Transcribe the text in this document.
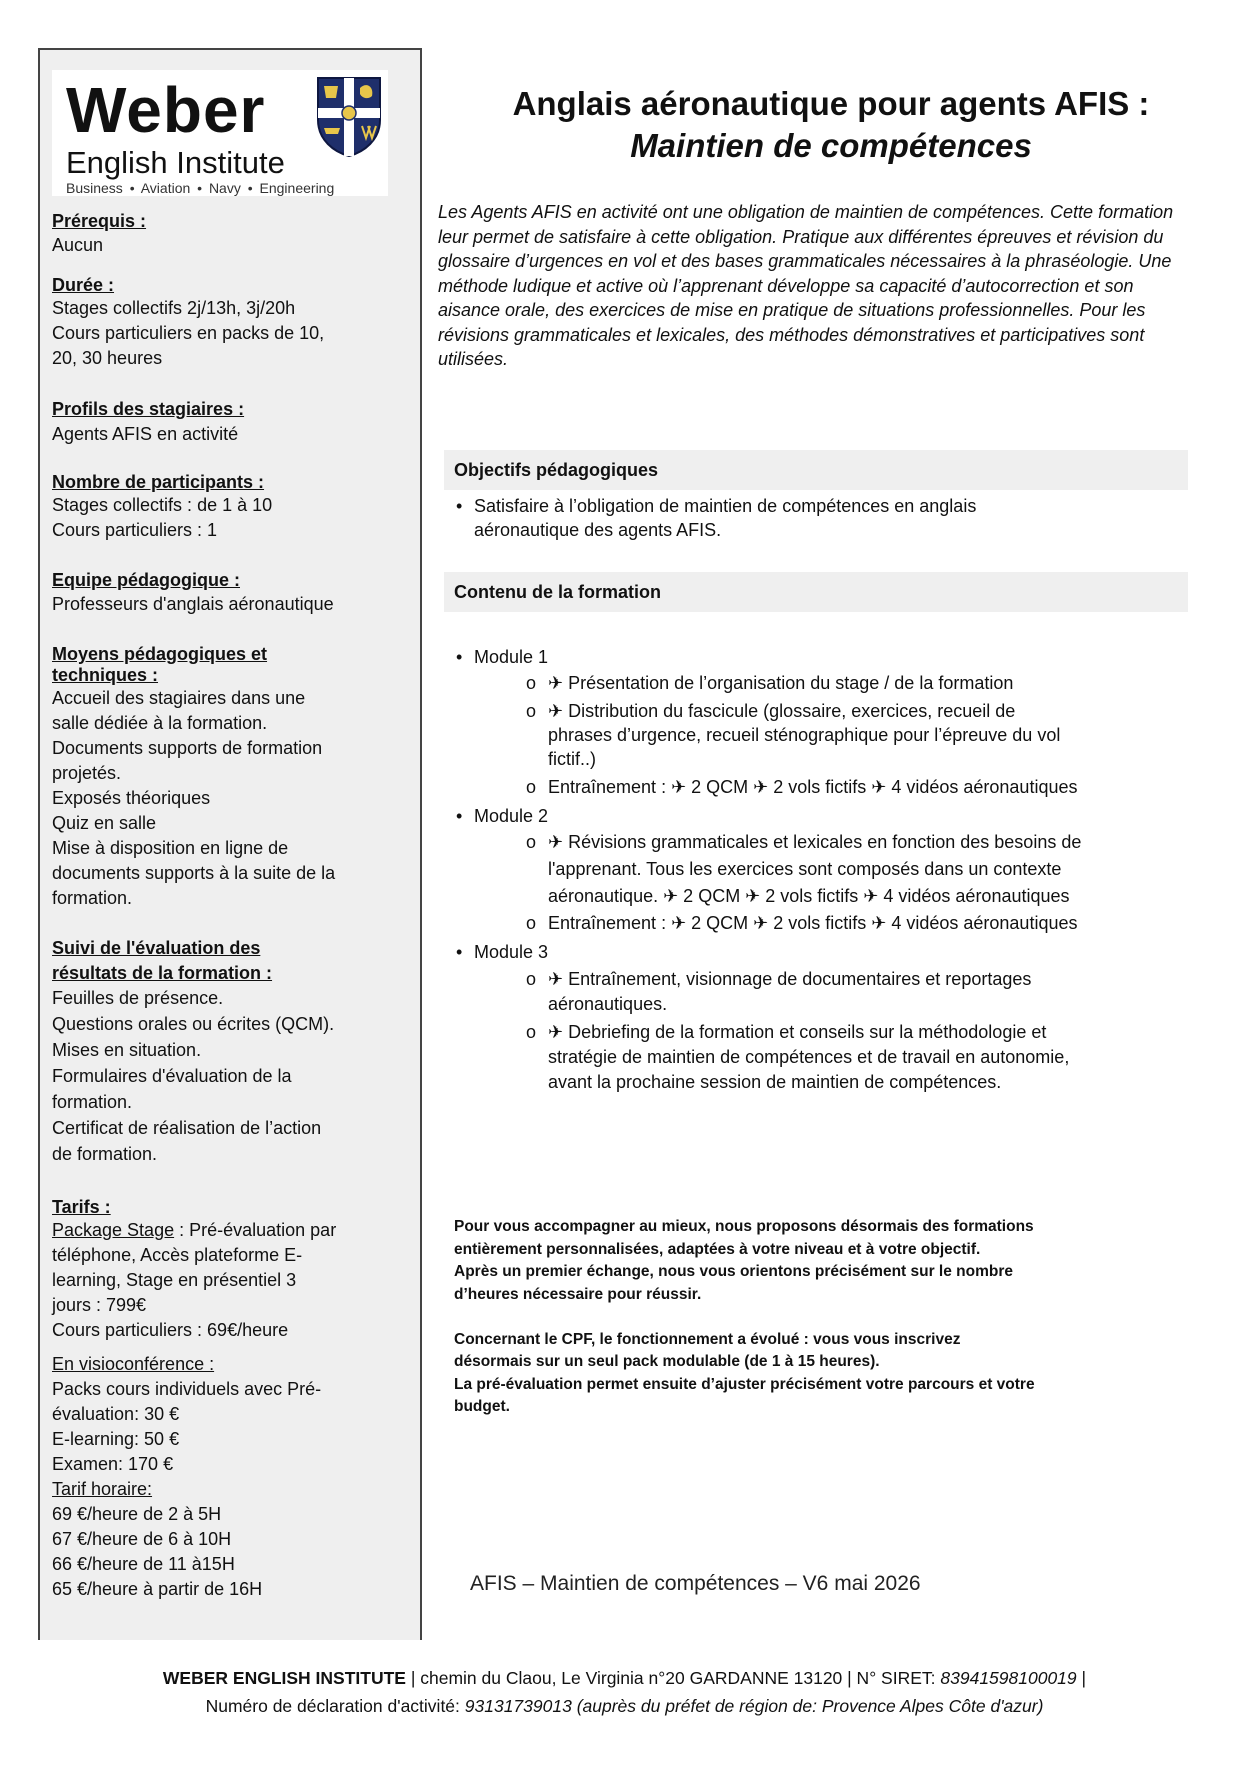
Weber
English Institute
Business • Aviation • Navy • Engineering
Prérequis :
Aucun
Durée :
Stages collectifs 2j/13h, 3j/20h
Cours particuliers en packs de 10,
20, 30 heures
Profils des stagiaires :
Agents AFIS en activité
Nombre de participants :
Stages collectifs : de 1 à 10
Cours particuliers : 1
Equipe pédagogique :
Professeurs d'anglais aéronautique
Moyens pédagogiques et
techniques :
Accueil des stagiaires dans une
salle dédiée à la formation.
Documents supports de formation
projetés.
Exposés théoriques
Quiz en salle
Mise à disposition en ligne de
documents supports à la suite de la
formation.
Suivi de l'évaluation des
résultats de la formation :
Feuilles de présence.
Questions orales ou écrites (QCM).
Mises en situation.
Formulaires d'évaluation de la
formation.
Certificat de réalisation de l’action
de formation.
Tarifs :
Package Stage : Pré-évaluation par
téléphone, Accès plateforme E-
learning, Stage en présentiel 3
jours : 799€
Cours particuliers : 69€/heure
En visioconférence :
Packs cours individuels avec Pré-
évaluation: 30 €
E-learning: 50 €
Examen: 170 €
Tarif horaire:
69 €/heure de 2 à 5H
67 €/heure de 6 à 10H
66 €/heure de 11 à15H
65 €/heure à partir de 16H
Anglais aéronautique pour agents AFIS :
Maintien de compétences
Les Agents AFIS en activité ont une obligation de maintien de compétences. Cette formation leur permet de satisfaire à cette obligation. Pratique aux différentes épreuves et révision du glossaire d’urgences en vol et des bases grammaticales nécessaires à la phraséologie. Une méthode ludique et active où l’apprenant développe sa capacité d’autocorrection et son aisance orale, des exercices de mise en pratique de situations professionnelles. Pour les révisions grammaticales et lexicales, des méthodes démonstratives et participatives sont utilisées.
Objectifs pédagogiques
• Satisfaire à l’obligation de maintien de compétences en anglais
aéronautique des agents AFIS.
Contenu de la formation
• Module 1
o ✈ Présentation de l’organisation du stage / de la formation
o ✈ Distribution du fascicule (glossaire, exercices, recueil de
phrases d’urgence, recueil sténographique pour l’épreuve du vol
fictif..)
o Entraînement : ✈ 2 QCM ✈ 2 vols fictifs ✈ 4 vidéos aéronautiques
• Module 2
o ✈ Révisions grammaticales et lexicales en fonction des besoins de
l'apprenant. Tous les exercices sont composés dans un contexte
aéronautique. ✈ 2 QCM ✈ 2 vols fictifs ✈ 4 vidéos aéronautiques
o Entraînement : ✈ 2 QCM ✈ 2 vols fictifs ✈ 4 vidéos aéronautiques
• Module 3
o ✈ Entraînement, visionnage de documentaires et reportages
aéronautiques.
o ✈ Debriefing de la formation et conseils sur la méthodologie et
stratégie de maintien de compétences et de travail en autonomie,
avant la prochaine session de maintien de compétences.
Pour vous accompagner au mieux, nous proposons désormais des formations
entièrement personnalisées, adaptées à votre niveau et à votre objectif.
Après un premier échange, nous vous orientons précisément sur le nombre
d’heures nécessaire pour réussir.
Concernant le CPF, le fonctionnement a évolué : vous vous inscrivez
désormais sur un seul pack modulable (de 1 à 15 heures).
La pré-évaluation permet ensuite d’ajuster précisément votre parcours et votre
budget.
AFIS – Maintien de compétences – V6 mai 2026
WEBER ENGLISH INSTITUTE | chemin du Claou, Le Virginia n°20 GARDANNE 13120 | N° SIRET: 83941598100019 |
Numéro de déclaration d'activité: 93131739013 (auprès du préfet de région de: Provence Alpes Côte d'azur)
